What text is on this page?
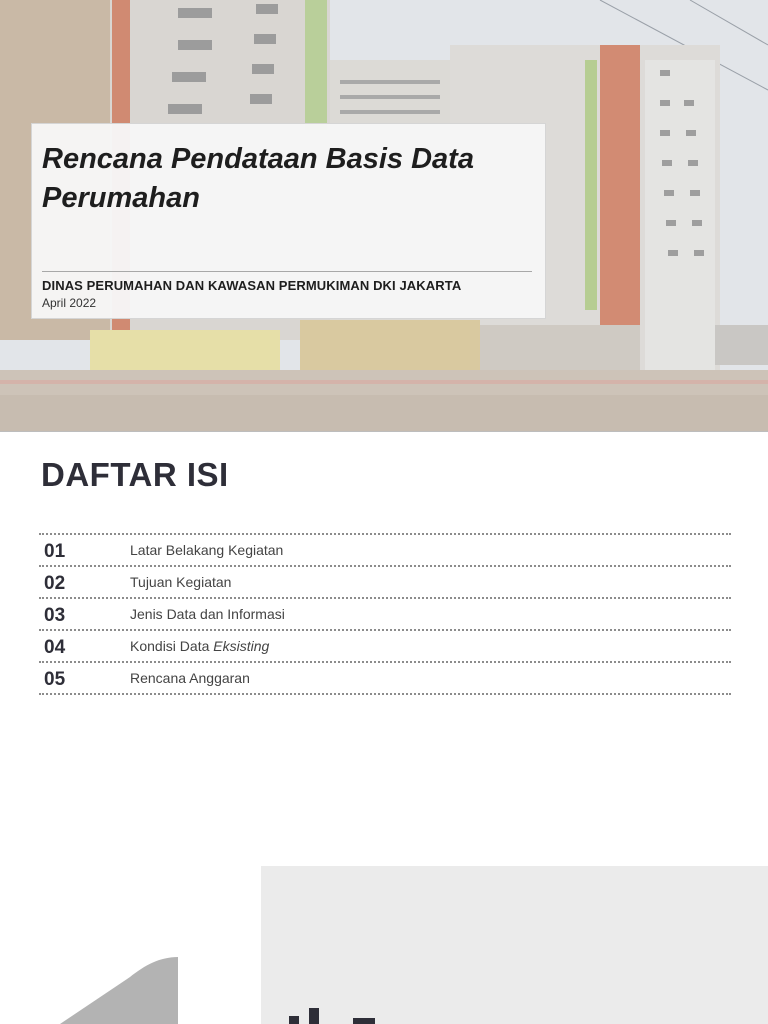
Rencana Pendataan Basis Data
Perumahan
DINAS PERUMAHAN DAN KAWASAN PERMUKIMAN DKI JAKARTA
April 2022
DAFTAR ISI
01	Latar Belakang Kegiatan
02	Tujuan Kegiatan
03	Jenis Data dan Informasi
04	Kondisi Data Eksisting
05	Rencana Anggaran
